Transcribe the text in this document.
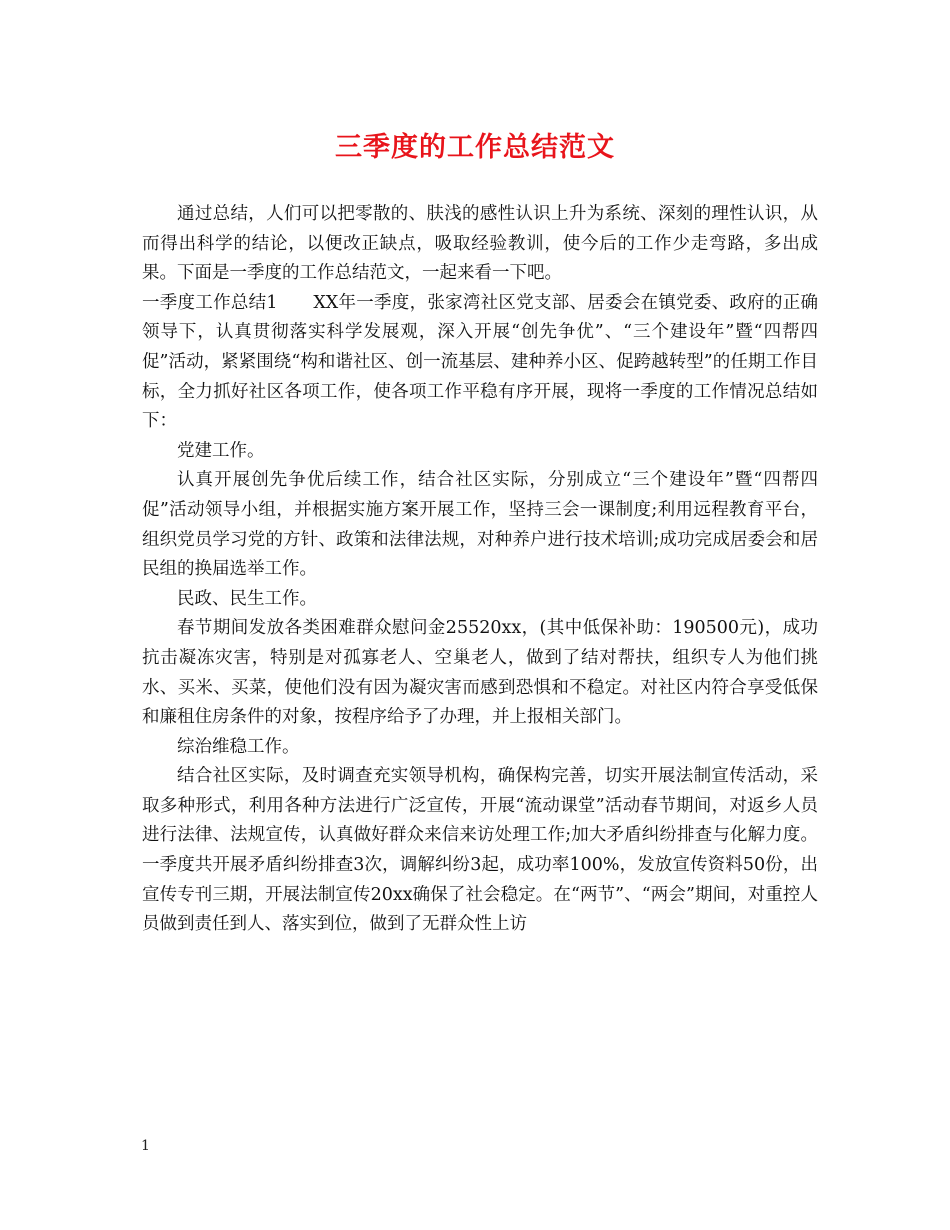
三季度的工作总结范文

通过总结，人们可以把零散的、肤浅的感性认识上升为系统、深刻的理性认识，从而得出科学的结论，以便改正缺点，吸取经验教训，使今后的工作少走弯路，多出成果。下面是一季度的工作总结范文，一起来看一下吧。

一季度工作总结1　　XX年一季度，张家湾社区党支部、居委会在镇党委、政府的正确领导下，认真贯彻落实科学发展观，深入开展“创先争优”、“三个建设年”暨“四帮四促”活动，紧紧围绕“构和谐社区、创一流基层、建种养小区、促跨越转型”的任期工作目标，全力抓好社区各项工作，使各项工作平稳有序开展，现将一季度的工作情况总结如下：

党建工作。

认真开展创先争优后续工作，结合社区实际，分别成立“三个建设年”暨“四帮四促”活动领导小组，并根据实施方案开展工作，坚持三会一课制度;利用远程教育平台，组织党员学习党的方针、政策和法律法规，对种养户进行技术培训;成功完成居委会和居民组的换届选举工作。

民政、民生工作。

春节期间发放各类困难群众慰问金25520xx，(其中低保补助：190500元)，成功抗击凝冻灾害，特别是对孤寡老人、空巢老人，做到了结对帮扶，组织专人为他们挑水、买米、买菜，使他们没有因为凝灾害而感到恐惧和不稳定。对社区内符合享受低保和廉租住房条件的对象，按程序给予了办理，并上报相关部门。

综治维稳工作。

结合社区实际，及时调查充实领导机构，确保构完善，切实开展法制宣传活动，采取多种形式，利用各种方法进行广泛宣传，开展“流动课堂”活动春节期间，对返乡人员进行法律、法规宣传，认真做好群众来信来访处理工作;加大矛盾纠纷排查与化解力度。一季度共开展矛盾纠纷排查3次，调解纠纷3起，成功率100%，发放宣传资料50份，出宣传专刊三期，开展法制宣传20xx确保了社会稳定。在“两节”、“两会”期间，对重控人员做到责任到人、落实到位，做到了无群众性上访

1
